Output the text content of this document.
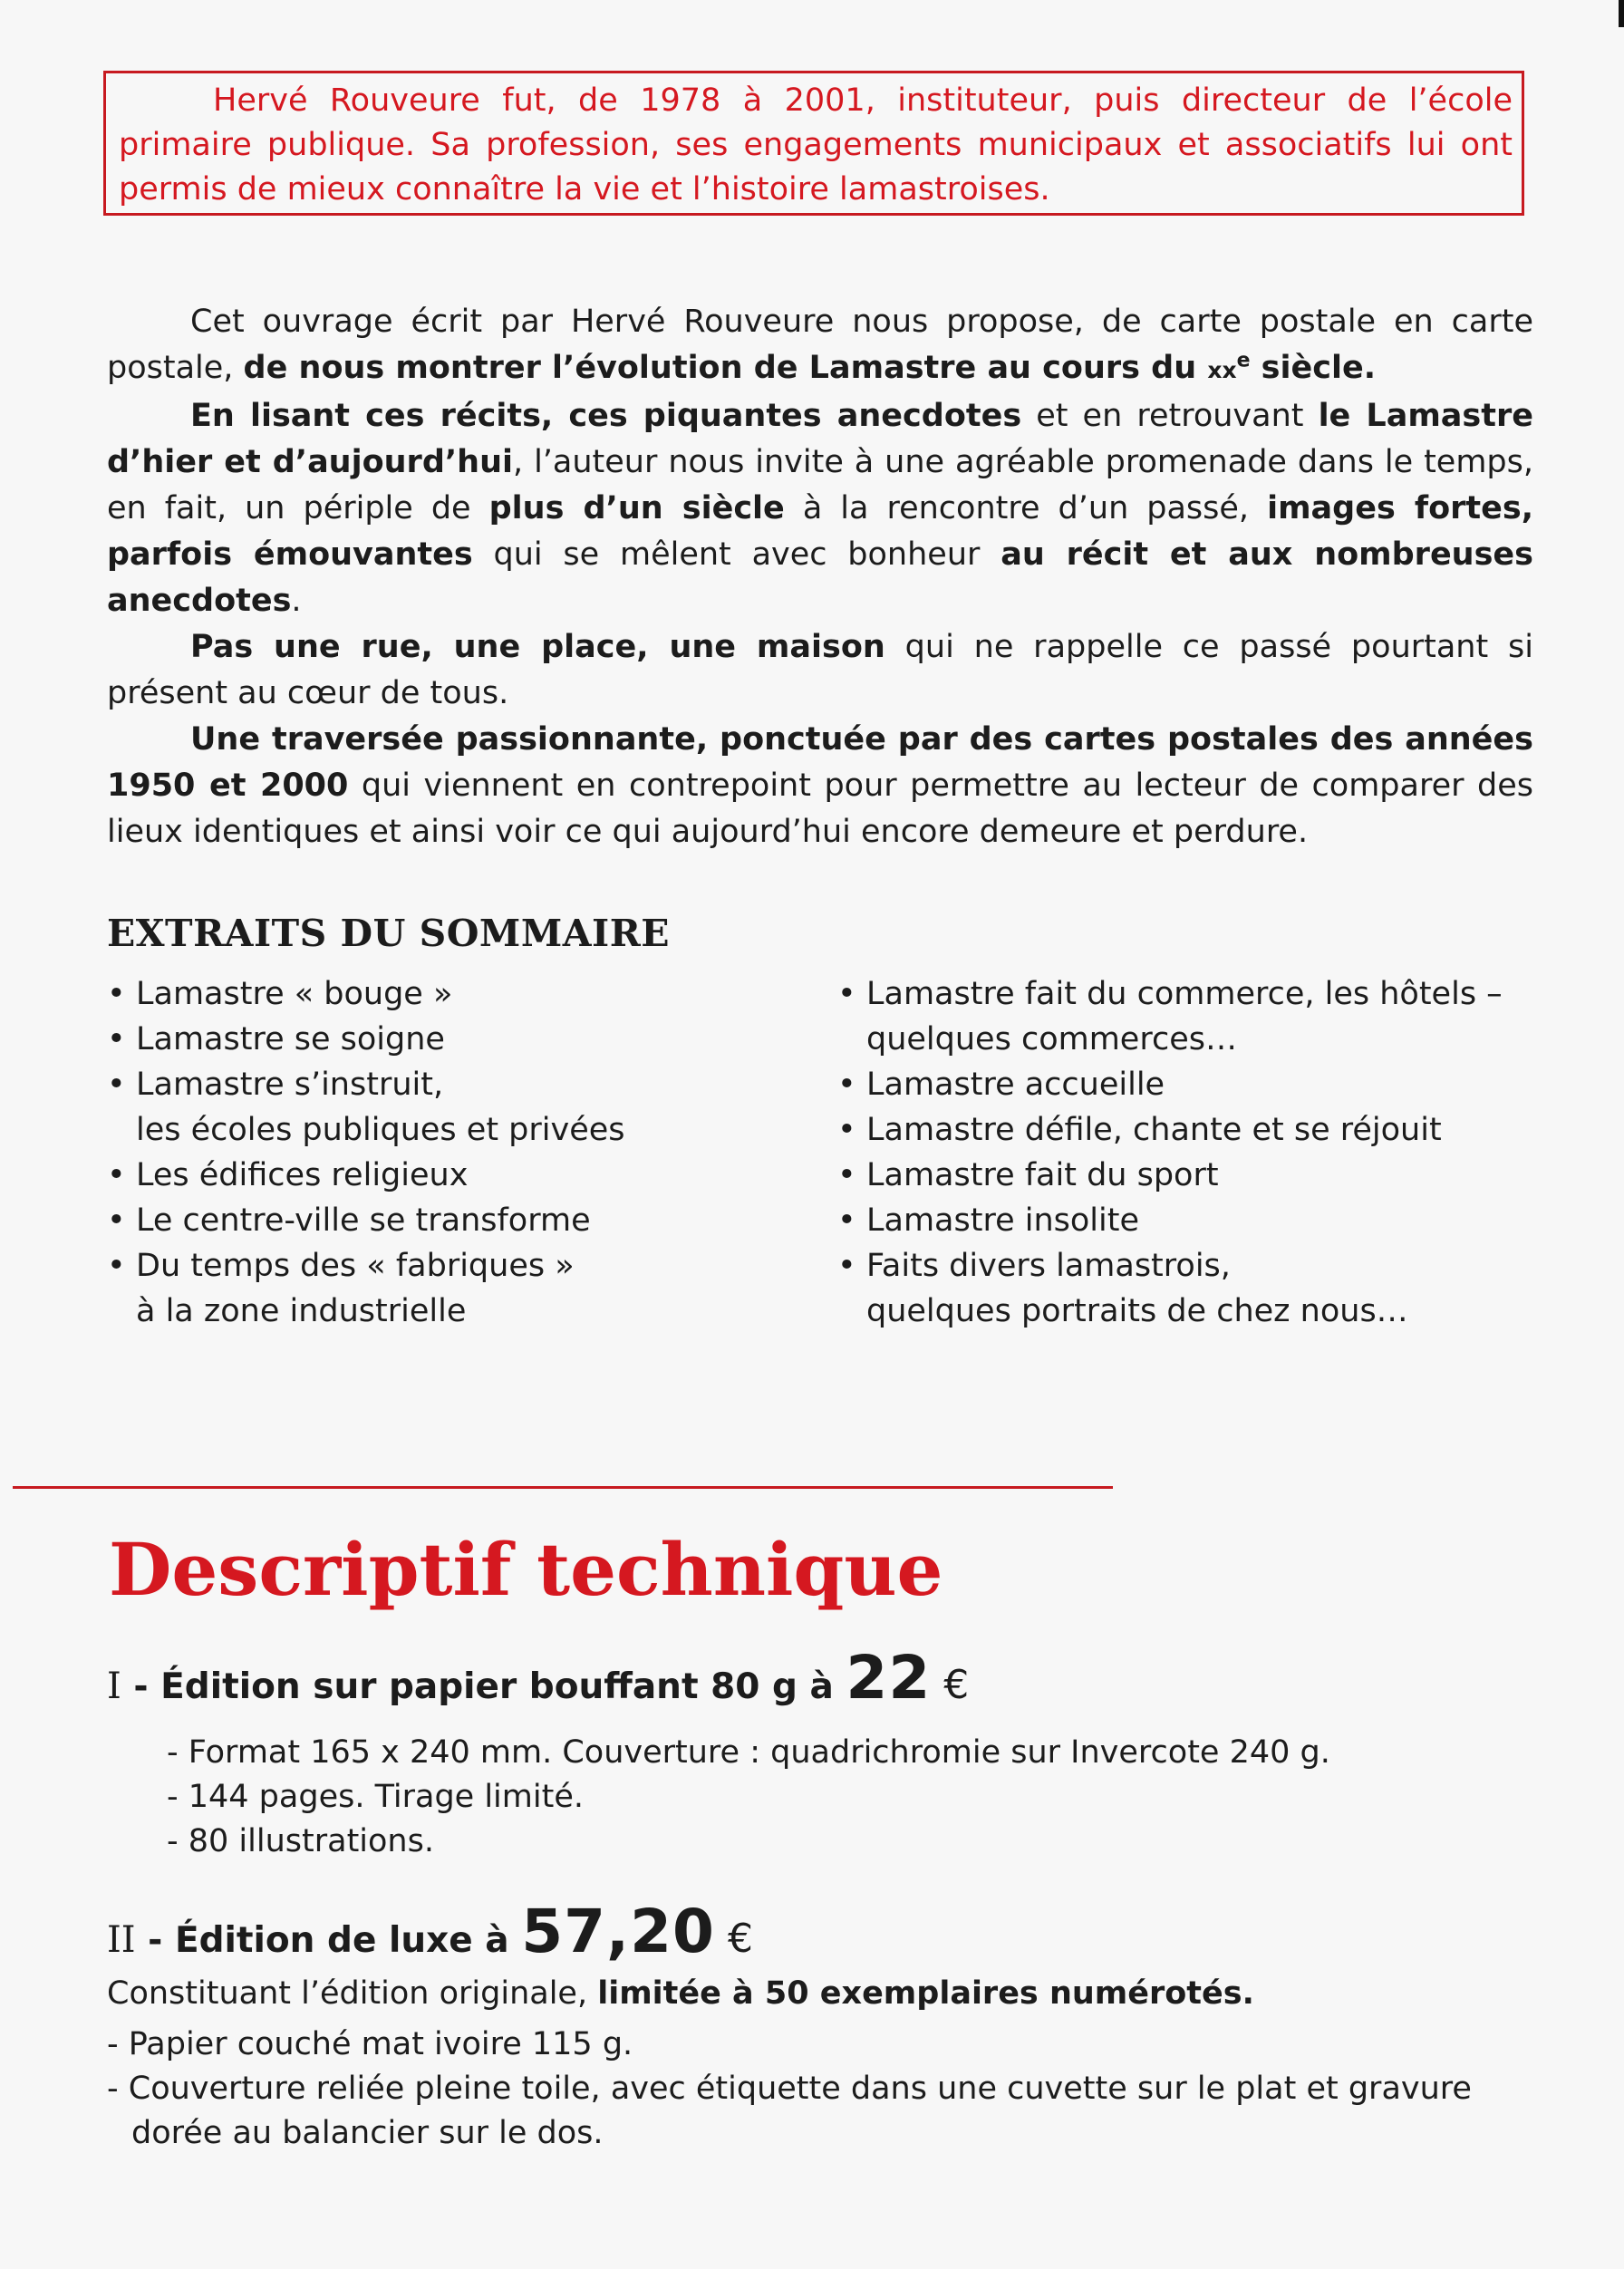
Hervé Rouveure fut, de 1978 à 2001, instituteur, puis directeur de l’école primaire publique. Sa profession, ses engagements municipaux et associatifs lui ont permis de mieux connaître la vie et l’histoire lamastroises.

Cet ouvrage écrit par Hervé Rouveure nous propose, de carte postale en carte postale, de nous montrer l’évolution de Lamastre au cours du $xx^e$ siècle.

En lisant ces récits, ces piquantes anecdotes et en retrouvant le Lamastre d’hier et d’aujourd’hui, l’auteur nous invite à une agréable promenade dans le temps, en fait, un périple de plus d’un siècle à la rencontre d’un passé, images fortes, parfois émouvantes qui se mêlent avec bonheur au récit et aux nombreuses anecdotes.

Pas une rue, une place, une maison qui ne rappelle ce passé pourtant si présent au cœur de tous.

Une traversée passionnante, ponctuée par des cartes postales des années 1950 et 2000 qui viennent en contrepoint pour permettre au lecteur de comparer des lieux identiques et ainsi voir ce qui aujourd’hui encore demeure et perdure.

EXTRAITS DU SOMMAIRE
• Lamastre « bouge »
• Lamastre se soigne
• Lamastre s’instruit,
les écoles publiques et privées
• Les édifices religieux
• Le centre-ville se transforme
• Du temps des « fabriques »
à la zone industrielle
• Lamastre fait du commerce, les hôtels –
quelques commerces…
• Lamastre accueille
• Lamastre défile, chante et se réjouit
• Lamastre fait du sport
• Lamastre insolite
• Faits divers lamastrois,
quelques portraits de chez nous…
Descriptif technique
I - Édition sur papier bouffant 80 g à 22 €
- Format 165 x 240 mm. Couverture : quadrichromie sur Invercote 240 g.
- 144 pages. Tirage limité.
- 80 illustrations.
II - Édition de luxe à 57,20 €

Constituant l’édition originale, limitée à 50 exemplaires numérotés.

- Papier couché mat ivoire 115 g.
- Couverture reliée pleine toile, avec étiquette dans une cuvette sur le plat et gravure dorée au balancier sur le dos.
